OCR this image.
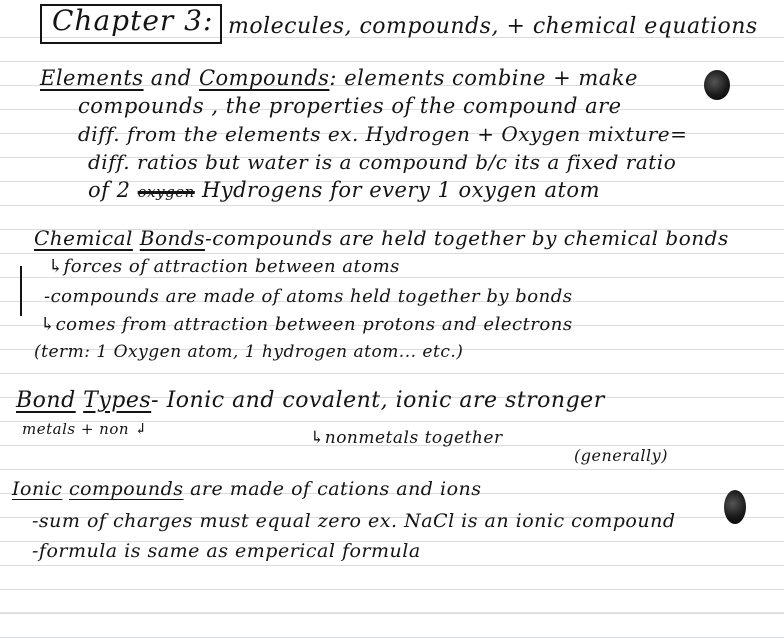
Chapter 3: molecules, compounds, + chemical equations
Elements and Compounds: elements combine + make
compounds , the properties of the compound are
diff. from the elements ex. Hydrogen + Oxygen mixture=
diff. ratios but water is a compound b/c its a fixed ratio
of 2 oxygen Hydrogens for every 1 oxygen atom
Chemical Bonds-compounds are held together by chemical bonds
↳forces of attraction between atoms
-compounds are made of atoms held together by bonds
↳comes from attraction between protons and electrons
(term: 1 Oxygen atom, 1 hydrogen atom... etc.)
Bond Types- Ionic and covalent, ionic are stronger
metals + non ↲	↳nonmetals together
(generally)
Ionic compounds are made of cations and ions
-sum of charges must equal zero ex. NaCl is an ionic compound
-formula is same as emperical formula
